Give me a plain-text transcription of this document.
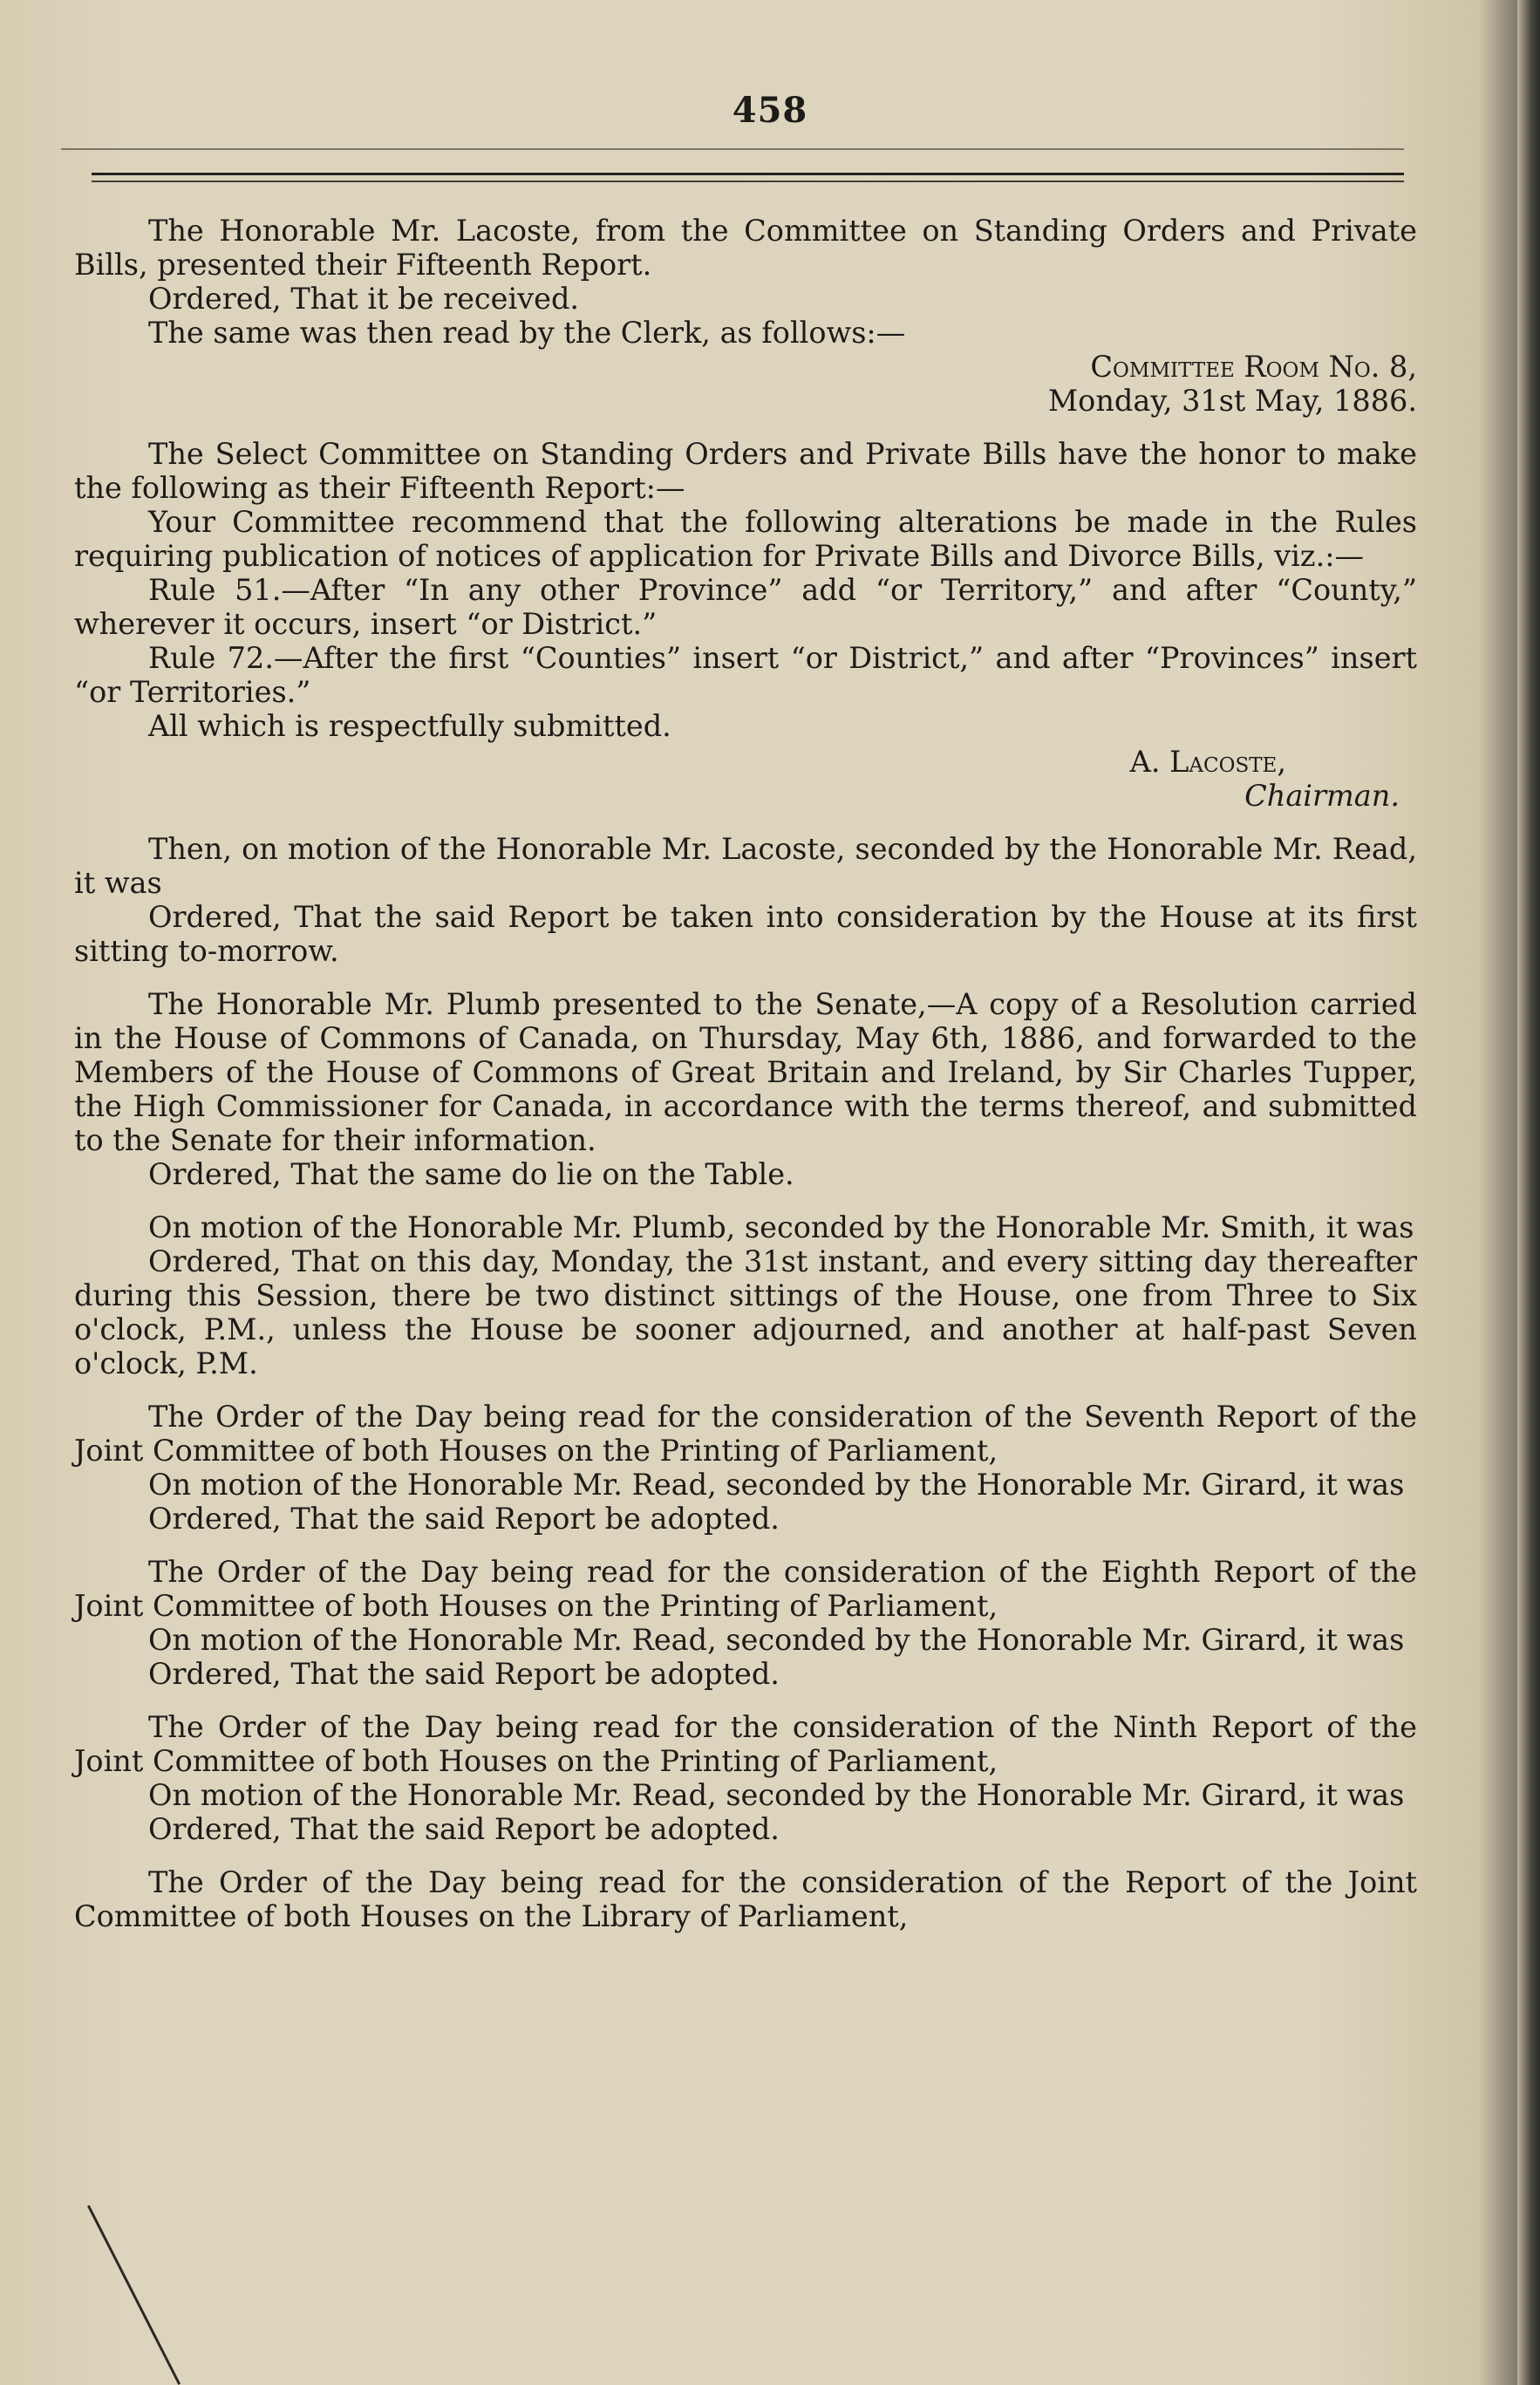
458

The Honorable Mr. Lacoste, from the Committee on Standing Orders and Private Bills, presented their Fifteenth Report.

Ordered, That it be received.

The same was then read by the Clerk, as follows:—

Committee Room No. 8,

Monday, 31st May, 1886.

The Select Committee on Standing Orders and Private Bills have the honor to make the following as their Fifteenth Report:—

Your Committee recommend that the following alterations be made in the Rules requiring publication of notices of application for Private Bills and Divorce Bills, viz.:—

Rule 51.—After “In any other Province” add “or Territory,” and after “County,” wherever it occurs, insert “or District.”

Rule 72.—After the first “Counties” insert “or District,” and after “Provinces” insert “or Territories.”

All which is respectfully submitted.

A. Lacoste,

Chairman.

Then, on motion of the Honorable Mr. Lacoste, seconded by the Honorable Mr. Read, it was

Ordered, That the said Report be taken into consideration by the House at its first sitting to-morrow.

The Honorable Mr. Plumb presented to the Senate,—A copy of a Resolution carried in the House of Commons of Canada, on Thursday, May 6th, 1886, and forwarded to the Members of the House of Commons of Great Britain and Ireland, by Sir Charles Tupper, the High Commissioner for Canada, in accordance with the terms thereof, and submitted to the Senate for their information.

Ordered, That the same do lie on the Table.

On motion of the Honorable Mr. Plumb, seconded by the Honorable Mr. Smith, it was

Ordered, That on this day, Monday, the 31st instant, and every sitting day thereafter during this Session, there be two distinct sittings of the House, one from Three to Six o'clock, P.M., unless the House be sooner adjourned, and another at half-past Seven o'clock, P.M.

The Order of the Day being read for the consideration of the Seventh Report of the Joint Committee of both Houses on the Printing of Parliament,

On motion of the Honorable Mr. Read, seconded by the Honorable Mr. Girard, it was

Ordered, That the said Report be adopted.

The Order of the Day being read for the consideration of the Eighth Report of the Joint Committee of both Houses on the Printing of Parliament,

On motion of the Honorable Mr. Read, seconded by the Honorable Mr. Girard, it was

Ordered, That the said Report be adopted.

The Order of the Day being read for the consideration of the Ninth Report of the Joint Committee of both Houses on the Printing of Parliament,

On motion of the Honorable Mr. Read, seconded by the Honorable Mr. Girard, it was

Ordered, That the said Report be adopted.

The Order of the Day being read for the consideration of the Report of the Joint Committee of both Houses on the Library of Parliament,
